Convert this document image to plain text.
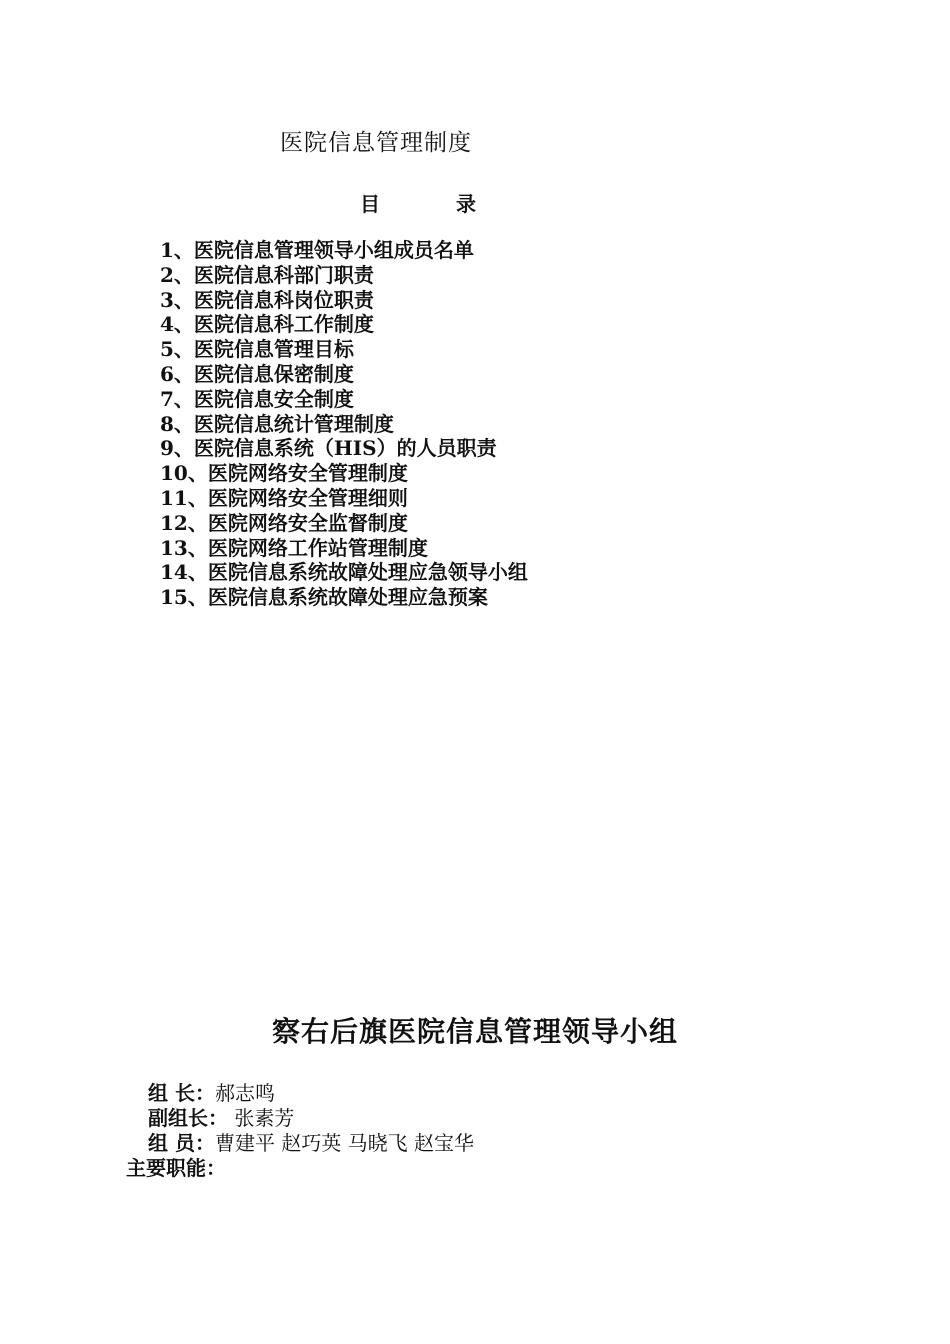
医院信息管理制度
目	录
1、医院信息管理领导小组成员名单
2、医院信息科部门职责
3、医院信息科岗位职责
4、医院信息科工作制度
5、医院信息管理目标
6、医院信息保密制度
7、医院信息安全制度
8、医院信息统计管理制度
9、医院信息系统（HIS）的人员职责
10、医院网络安全管理制度
11、医院网络安全管理细则
12、医院网络安全监督制度
13、医院网络工作站管理制度
14、医院信息系统故障处理应急领导小组
15、医院信息系统故障处理应急预案
察右后旗医院信息管理领导小组
组 长：郝志鸣
副组长： 张素芳
组 员：曹建平 赵巧英 马晓飞 赵宝华
主要职能：
